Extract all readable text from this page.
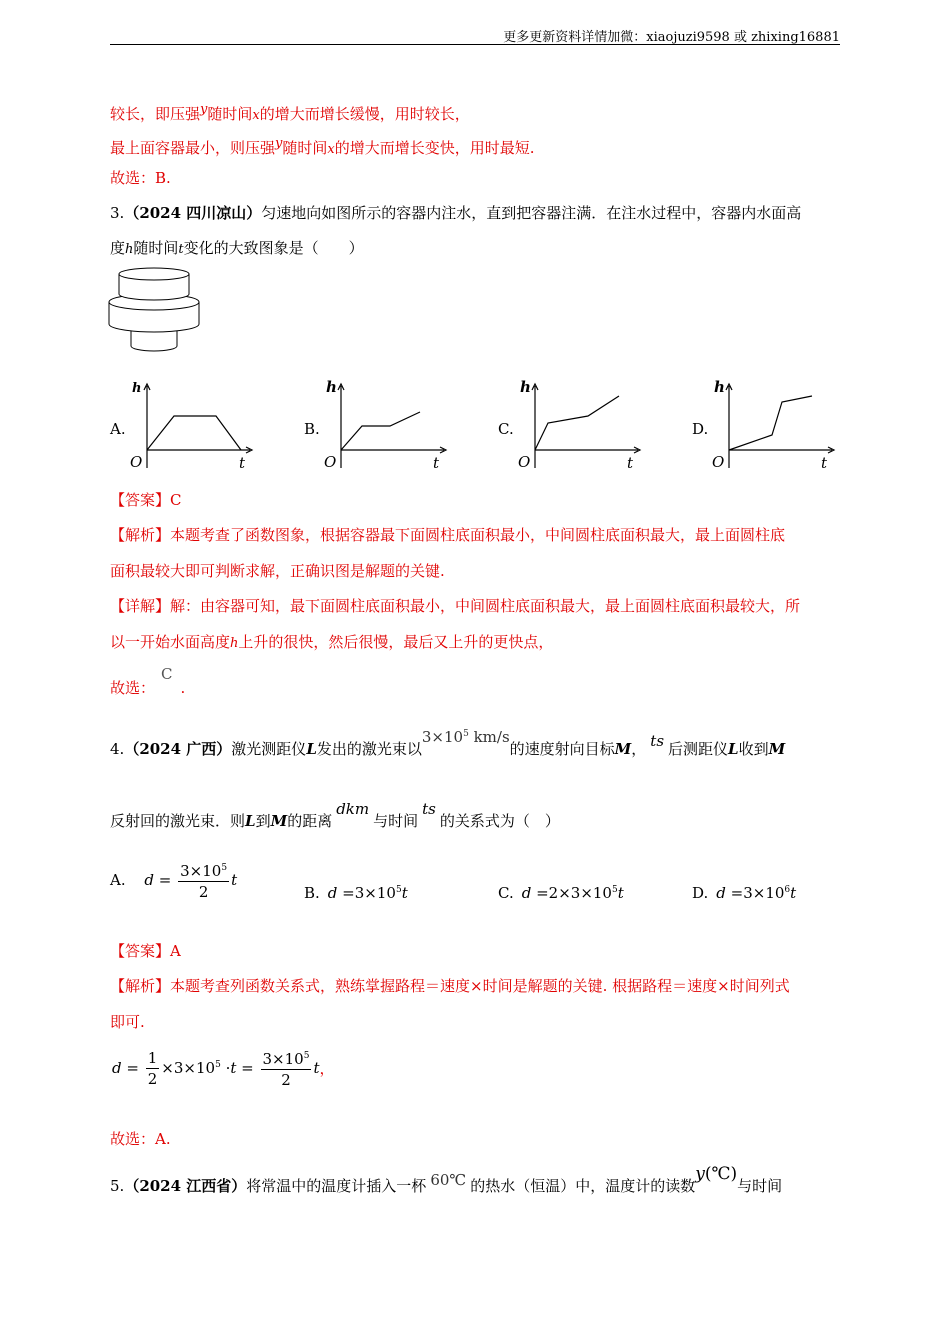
更多更新资料详情加微：xiaojuzi9598 或 zhixing16881
较长，即压强y随时间x的增大而增长缓慢，用时较长，
最上面容器最小，则压强y随时间x的增大而增长变快，用时最短.
故选：B.
3.（2024 四川凉山）匀速地向如图所示的容器内注水，直到把容器注满．在注水过程中，容器内水面高
度h随时间t变化的大致图象是（　　）
A.
h
O	t
B.
h
O	t
C.
h
O	t
D.
h
O	t
【答案】C
【解析】本题考查了函数图象，根据容器最下面圆柱底面积最小，中间圆柱底面积最大，最上面圆柱底
面积最较大即可判断求解，正确识图是解题的关键.
【详解】解：由容器可知，最下面圆柱底面积最小，中间圆柱底面积最大，最上面圆柱底面积最较大，所
以一开始水面高度h上升的很快，然后很慢，最后又上升的更快点，
故选：C.
4.（2024 广西）激光测距仪L发出的激光束以$3\times 10^5$ km/s的速度射向目标M， ts 后测距仪L收到M
反射回的激光束．则L到M的距离dkm与时间ts的关系式为（　）
A. $d = \frac{3\times 10^5}{2}$ t
B. $d =3\times 10^5t$	C. $d =2\times 3\times 10^5t$	D. $d =3\times 10^6t$
【答案】A
【解析】本题考查列函数关系式，熟练掌握路程＝速度×时间是解题的关键. 根据路程＝速度×时间列式
即可.
$d = \frac{1}{2} \times 3\times 10^5 \cdot t = \frac{3\times 10^5}{2}$ t，
故选：A.
5.（2024 江西省）将常温中的温度计插入一杯 60℃ 的热水（恒温）中，温度计的读数y(℃)与时间
